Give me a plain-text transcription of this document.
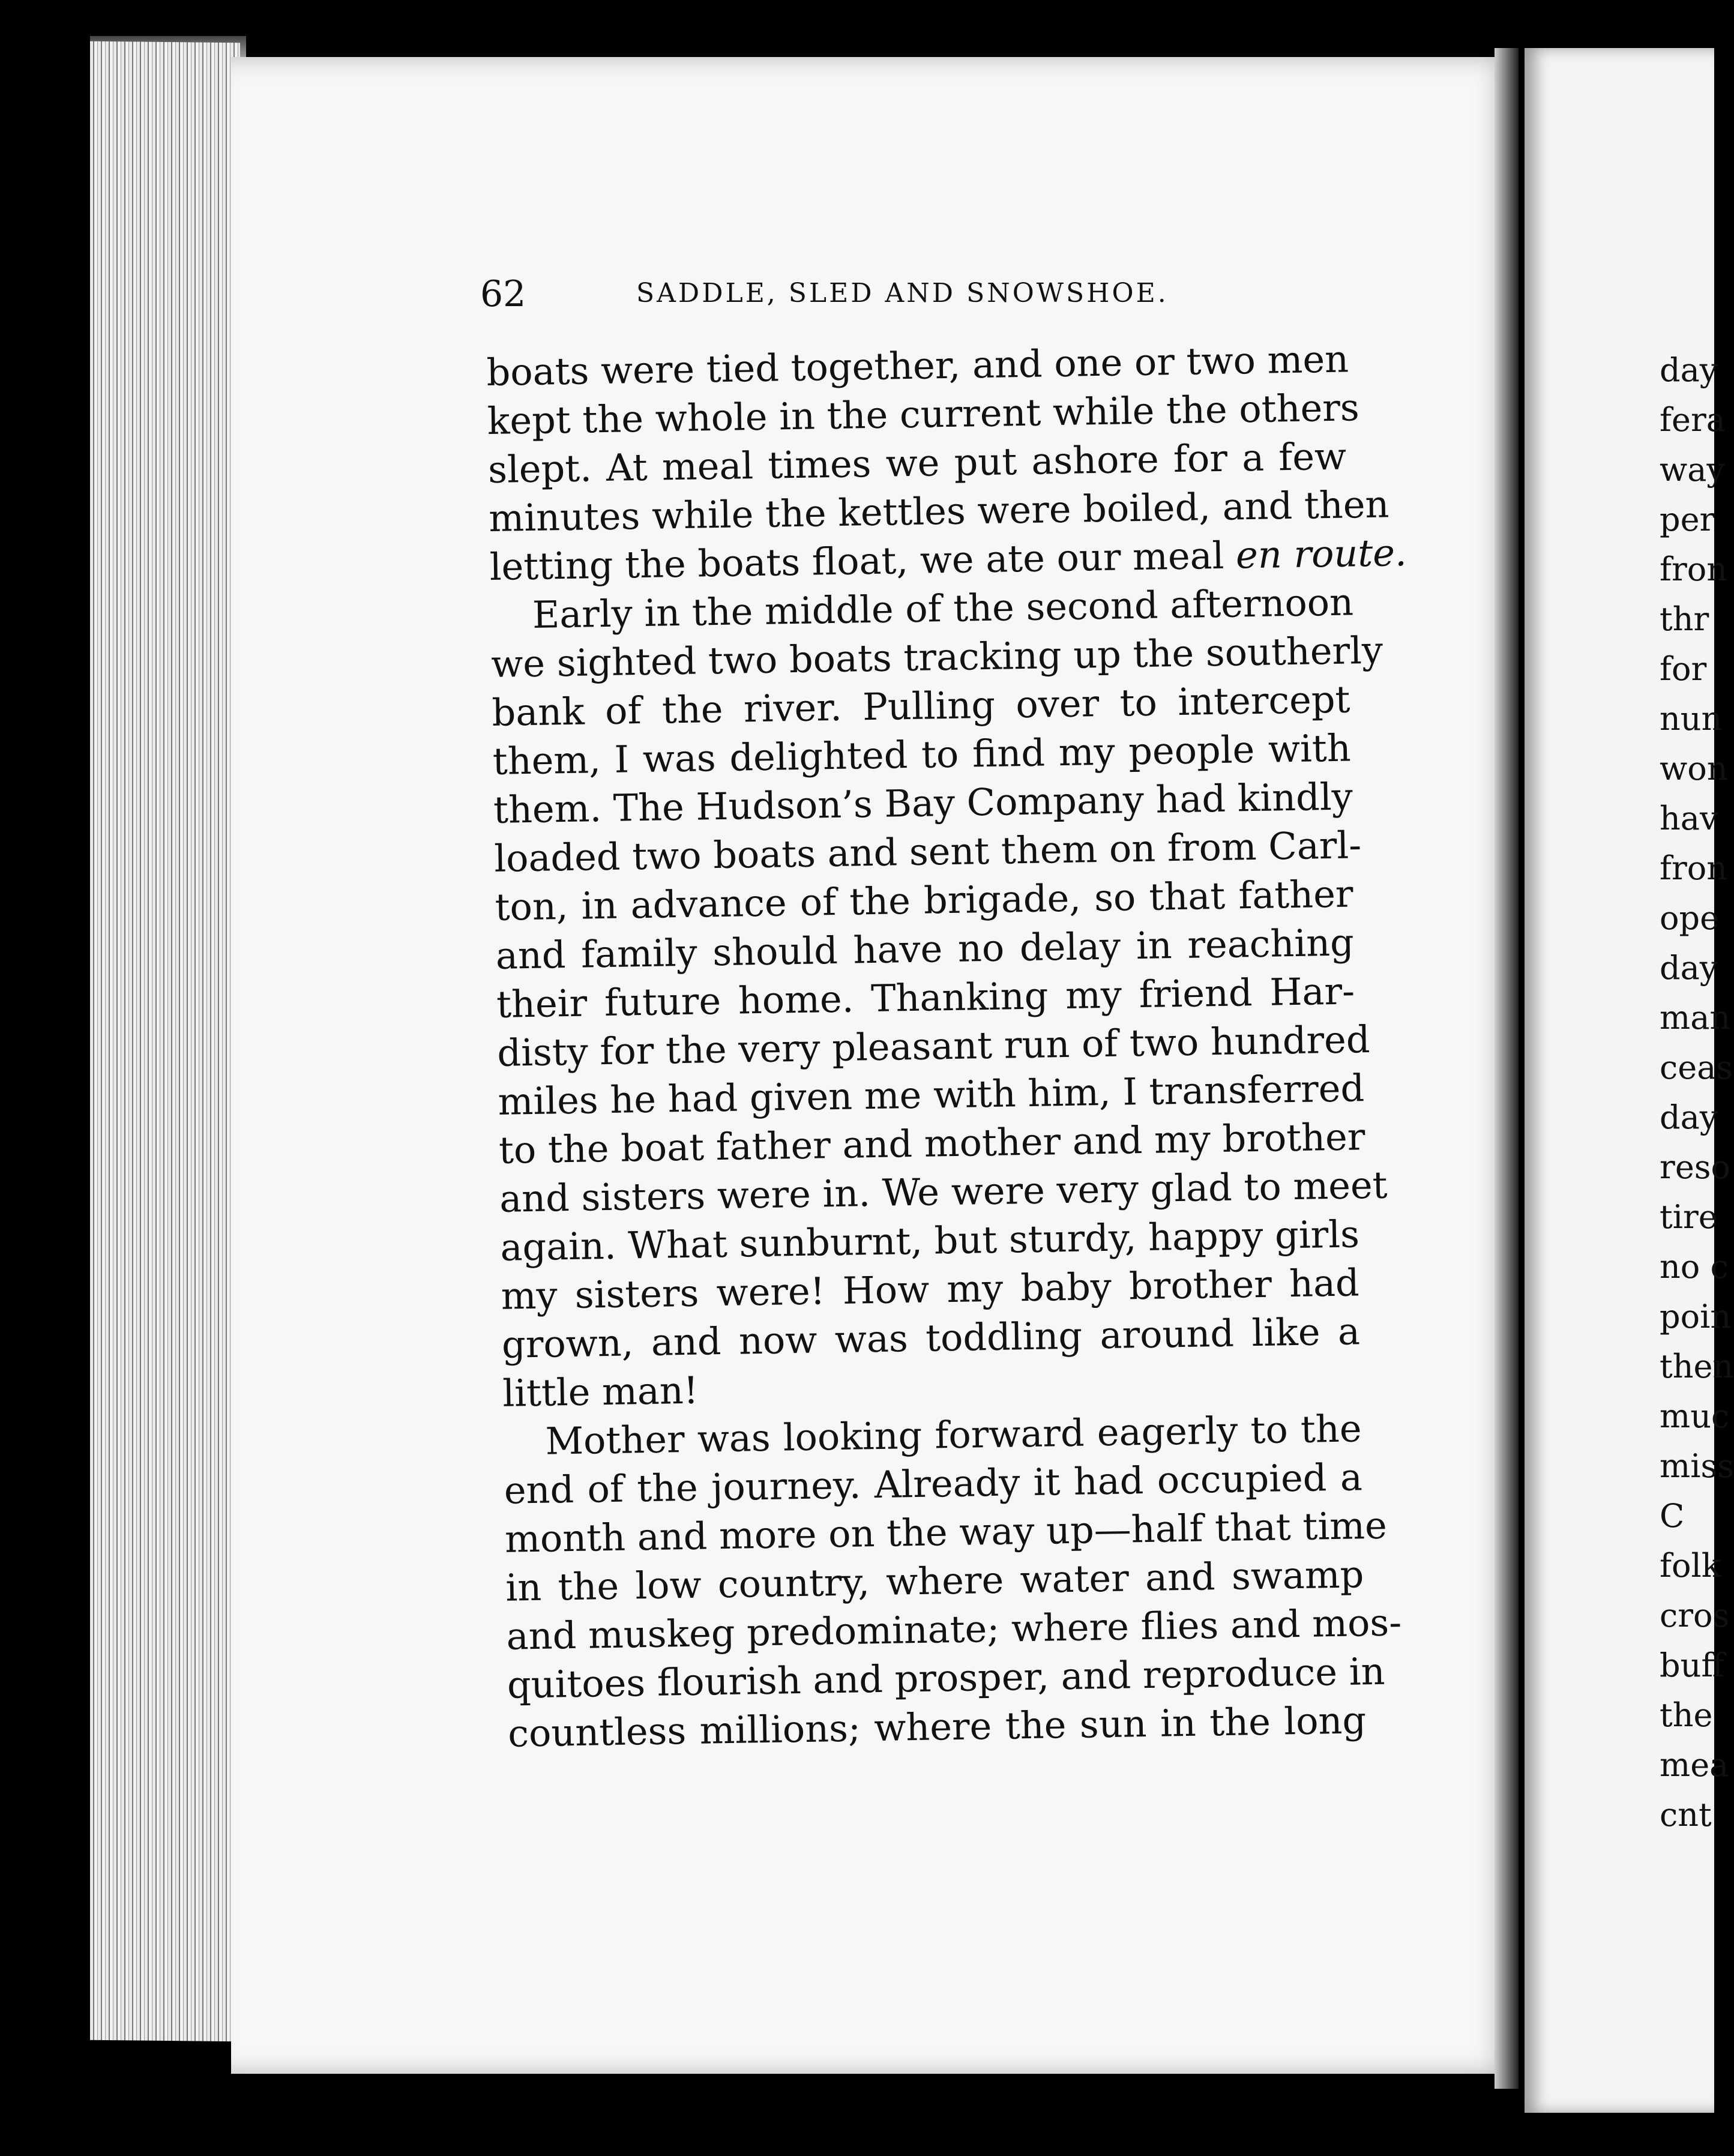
day
fera
way
per
fron
thr
for
nun
won
hav
fron
ope
day
man
ceas
day
reso
tire
no c
poin
then
muc
miss
C
folk
cros
buff
the
mea
cnt
62	SADDLE, SLED AND SNOWSHOE.
boats were tied together, and one or two men
kept the whole in the current while the others
slept. At meal times we put ashore for a few
minutes while the kettles were boiled, and then
letting the boats float, we ate our meal en route.
Early in the middle of the second afternoon
we sighted two boats tracking up the southerly
bank of the river. Pulling over to intercept
them, I was delighted to find my people with
them. The Hudson’s Bay Company had kindly
loaded two boats and sent them on from Carl-
ton, in advance of the brigade, so that father
and family should have no delay in reaching
their future home. Thanking my friend Har-
disty for the very pleasant run of two hundred
miles he had given me with him, I transferred
to the boat father and mother and my brother
and sisters were in. We were very glad to meet
again. What sunburnt, but sturdy, happy girls
my sisters were! How my baby brother had
grown, and now was toddling around like a
little man!
Mother was looking forward eagerly to the
end of the journey. Already it had occupied a
month and more on the way up—half that time
in the low country, where water and swamp
and muskeg predominate; where flies and mos-
quitoes flourish and prosper, and reproduce in
countless millions; where the sun in the long
